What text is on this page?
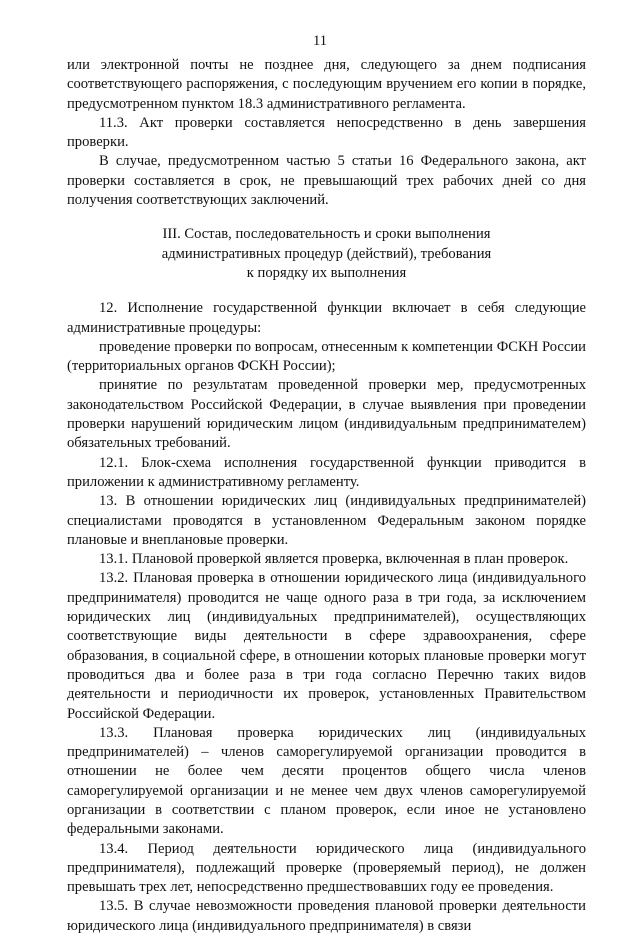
11

или электронной почты не позднее дня, следующего за днем подписания соответствующего распоряжения, с последующим вручением его копии в порядке, предусмотренном пунктом 18.3 административного регламента.

11.3. Акт проверки составляется непосредственно в день завершения проверки.

В случае, предусмотренном частью 5 статьи 16 Федерального закона, акт проверки составляется в срок, не превышающий трех рабочих дней со дня получения соответствующих заключений.

III. Состав, последовательность и сроки выполнения
административных процедур (действий), требования
к порядку их выполнения

12. Исполнение государственной функции включает в себя следующие административные процедуры:

проведение проверки по вопросам, отнесенным к компетенции ФСКН России (территориальных органов ФСКН России);

принятие по результатам проведенной проверки мер, предусмотренных законодательством Российской Федерации, в случае выявления при проведении проверки нарушений юридическим лицом (индивидуальным предпринимателем) обязательных требований.

12.1. Блок-схема исполнения государственной функции приводится в приложении к административному регламенту.

13. В отношении юридических лиц (индивидуальных предпринимателей) специалистами проводятся в установленном Федеральным законом порядке плановые и внеплановые проверки.

13.1. Плановой проверкой является проверка, включенная в план проверок.

13.2. Плановая проверка в отношении юридического лица (индивидуального предпринимателя) проводится не чаще одного раза в три года, за исключением юридических лиц (индивидуальных предпринимателей), осуществляющих соответствующие виды деятельности в сфере здравоохранения, сфере образования, в социальной сфере, в отношении которых плановые проверки могут проводиться два и более раза в три года согласно Перечню таких видов деятельности и периодичности их проверок, установленных Правительством Российской Федерации.

13.3. Плановая проверка юридических лиц (индивидуальных предпринимателей) – членов саморегулируемой организации проводится в отношении не более чем десяти процентов общего числа членов саморегулируемой организации и не менее чем двух членов саморегулируемой организации в соответствии с планом проверок, если иное не установлено федеральными законами.

13.4. Период деятельности юридического лица (индивидуального предпринимателя), подлежащий проверке (проверяемый период), не должен превышать трех лет, непосредственно предшествовавших году ее проведения.

13.5. В случае невозможности проведения плановой проверки деятельности юридического лица (индивидуального предпринимателя) в связи
